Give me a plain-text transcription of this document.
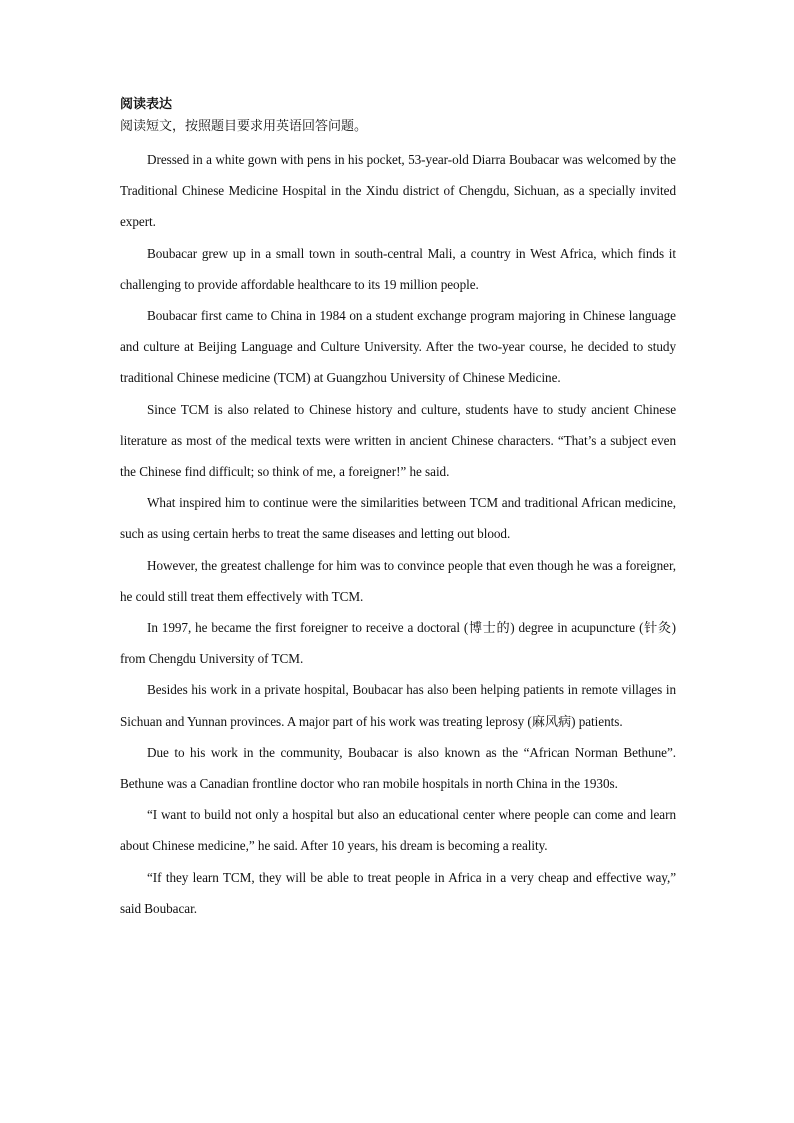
阅读表达

阅读短文，按照题目要求用英语回答问题。

Dressed in a white gown with pens in his pocket, 53-year-old Diarra Boubacar was welcomed by the Traditional Chinese Medicine Hospital in the Xindu district of Chengdu, Sichuan, as a specially invited expert.

Boubacar grew up in a small town in south-central Mali, a country in West Africa, which finds it challenging to provide affordable healthcare to its 19 million people.

Boubacar first came to China in 1984 on a student exchange program majoring in Chinese language and culture at Beijing Language and Culture University. After the two-year course, he decided to study traditional Chinese medicine (TCM) at Guangzhou University of Chinese Medicine.

Since TCM is also related to Chinese history and culture, students have to study ancient Chinese literature as most of the medical texts were written in ancient Chinese characters. “That’s a subject even the Chinese find difficult; so think of me, a foreigner!” he said.

What inspired him to continue were the similarities between TCM and traditional African medicine, such as using certain herbs to treat the same diseases and letting out blood.

However, the greatest challenge for him was to convince people that even though he was a foreigner, he could still treat them effectively with TCM.

In 1997, he became the first foreigner to receive a doctoral (博士的) degree in acupuncture (针灸) from Chengdu University of TCM.

Besides his work in a private hospital, Boubacar has also been helping patients in remote villages in Sichuan and Yunnan provinces. A major part of his work was treating leprosy (麻风病) patients.

Due to his work in the community, Boubacar is also known as the “African Norman Bethune”. Bethune was a Canadian frontline doctor who ran mobile hospitals in north China in the 1930s.

“I want to build not only a hospital but also an educational center where people can come and learn about Chinese medicine,” he said. After 10 years, his dream is becoming a reality.

“If they learn TCM, they will be able to treat people in Africa in a very cheap and effective way,” said Boubacar.
